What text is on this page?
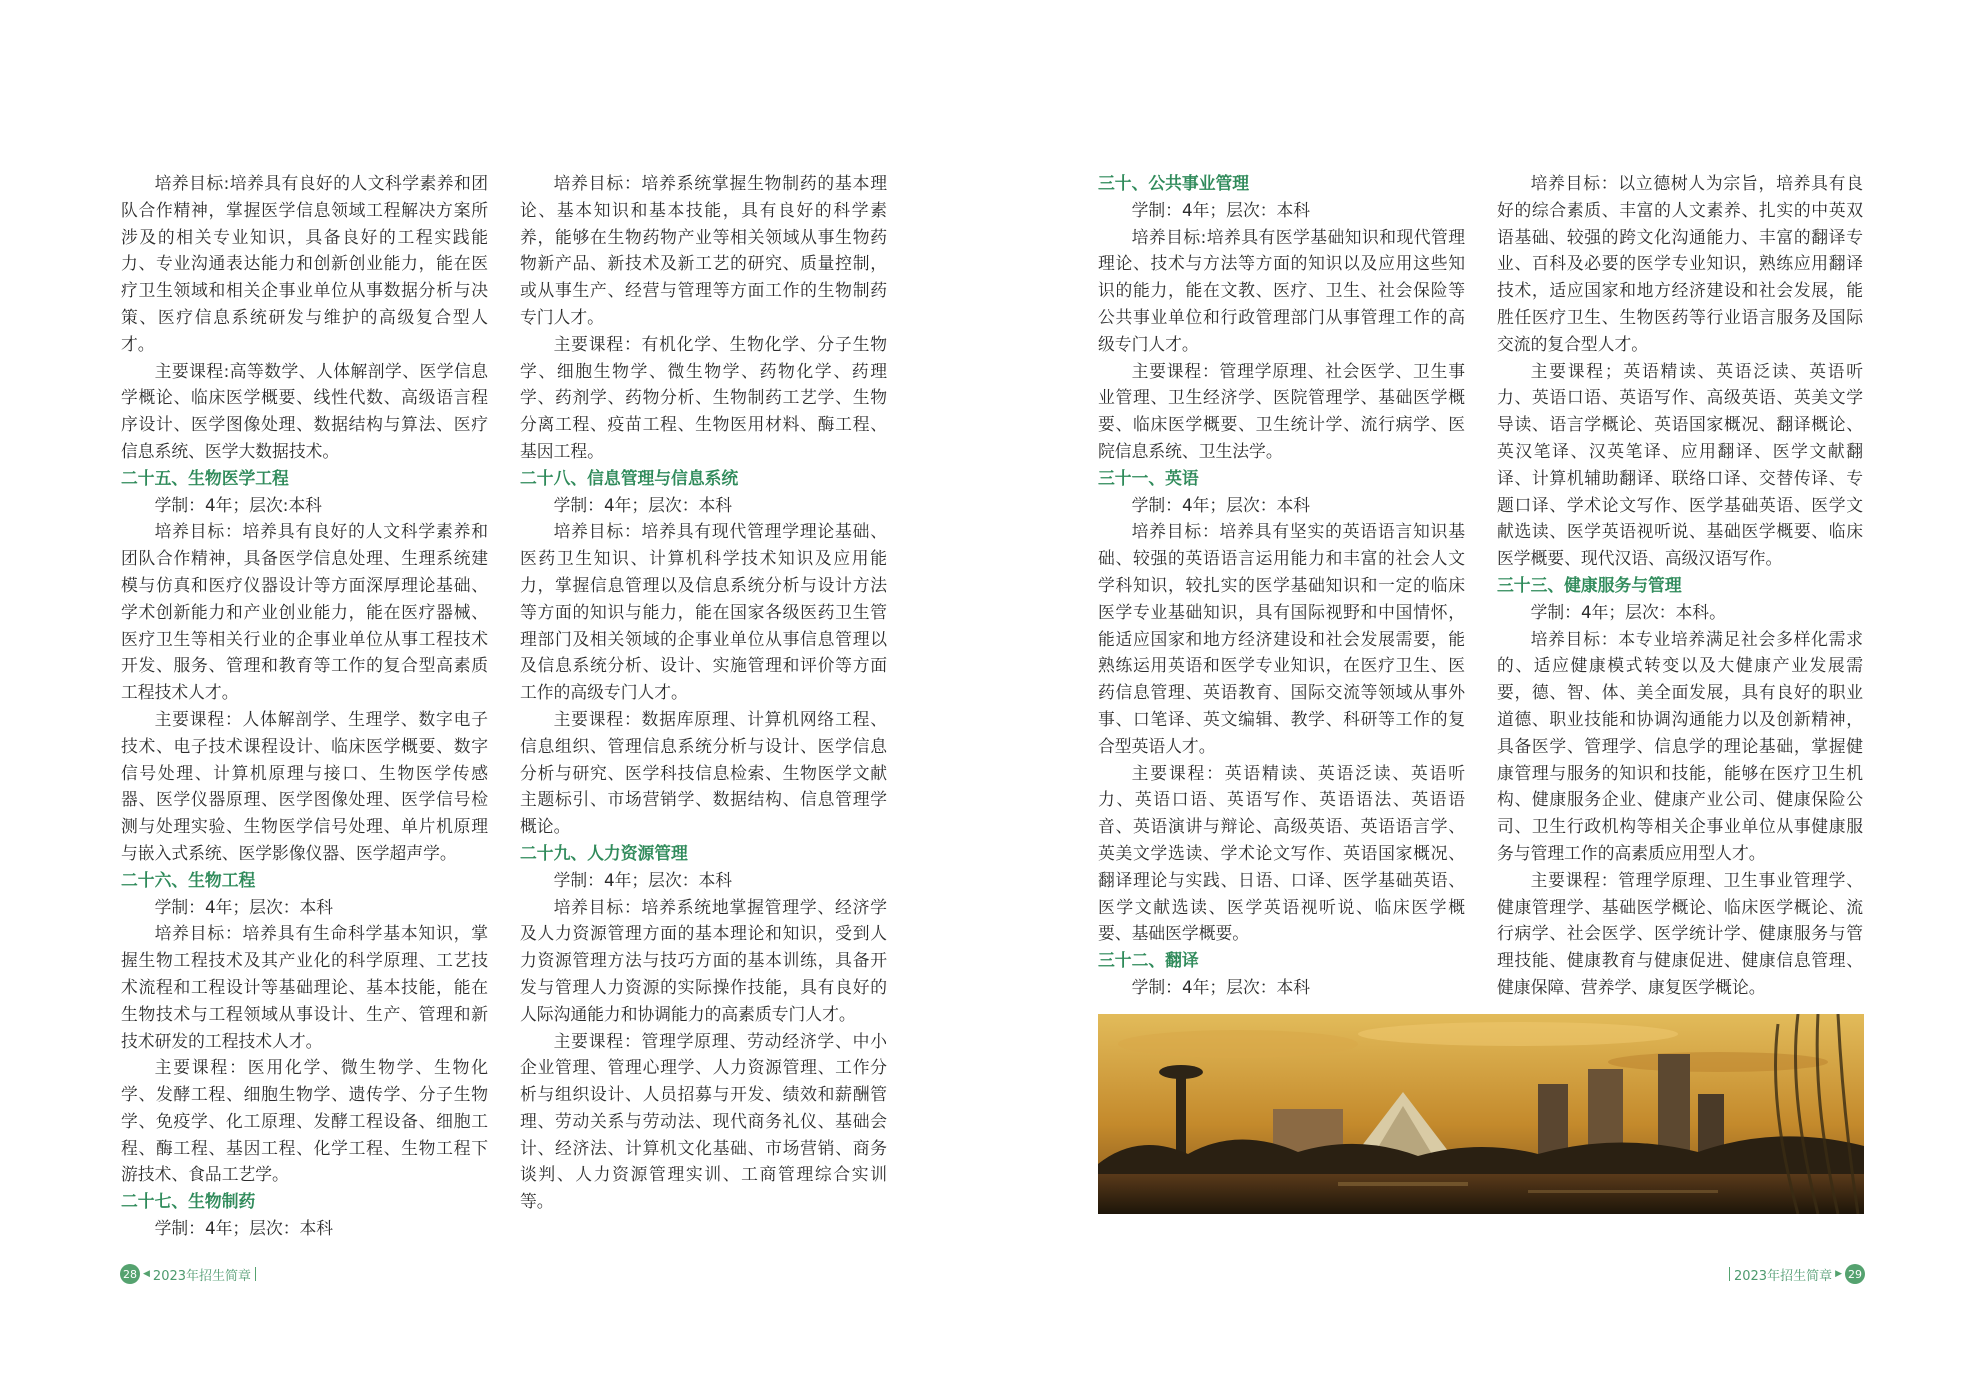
培养目标:培养具有良好的人文科学素养和团队合作精神，掌握医学信息领域工程解决方案所涉及的相关专业知识，具备良好的工程实践能力、专业沟通表达能力和创新创业能力，能在医疗卫生领域和相关企事业单位从事数据分析与决策、医疗信息系统研发与维护的高级复合型人才。

主要课程:高等数学、人体解剖学、医学信息学概论、临床医学概要、线性代数、高级语言程序设计、医学图像处理、数据结构与算法、医疗信息系统、医学大数据技术。

二十五、生物医学工程

学制：4年；层次:本科

培养目标：培养具有良好的人文科学素养和团队合作精神，具备医学信息处理、生理系统建模与仿真和医疗仪器设计等方面深厚理论基础、学术创新能力和产业创业能力，能在医疗器械、医疗卫生等相关行业的企事业单位从事工程技术开发、服务、管理和教育等工作的复合型高素质工程技术人才。

主要课程：人体解剖学、生理学、数字电子技术、电子技术课程设计、临床医学概要、数字信号处理、计算机原理与接口、生物医学传感器、医学仪器原理、医学图像处理、医学信号检测与处理实验、生物医学信号处理、单片机原理与嵌入式系统、医学影像仪器、医学超声学。

二十六、生物工程

学制：4年；层次：本科

培养目标：培养具有生命科学基本知识，掌握生物工程技术及其产业化的科学原理、工艺技术流程和工程设计等基础理论、基本技能，能在生物技术与工程领域从事设计、生产、管理和新技术研发的工程技术人才。

主要课程：医用化学、微生物学、生物化学、发酵工程、细胞生物学、遗传学、分子生物学、免疫学、化工原理、发酵工程设备、细胞工程、酶工程、基因工程、化学工程、生物工程下游技术、食品工艺学。

二十七、生物制药

学制：4年；层次：本科

培养目标：培养系统掌握生物制药的基本理论、基本知识和基本技能，具有良好的科学素养，能够在生物药物产业等相关领域从事生物药物新产品、新技术及新工艺的研究、质量控制，或从事生产、经营与管理等方面工作的生物制药专门人才。

主要课程：有机化学、生物化学、分子生物学、细胞生物学、微生物学、药物化学、药理学、药剂学、药物分析、生物制药工艺学、生物分离工程、疫苗工程、生物医用材料、酶工程、基因工程。

二十八、信息管理与信息系统

学制：4年；层次：本科

培养目标：培养具有现代管理学理论基础、医药卫生知识、计算机科学技术知识及应用能力，掌握信息管理以及信息系统分析与设计方法等方面的知识与能力，能在国家各级医药卫生管理部门及相关领域的企事业单位从事信息管理以及信息系统分析、设计、实施管理和评价等方面工作的高级专门人才。

主要课程：数据库原理、计算机网络工程、信息组织、管理信息系统分析与设计、医学信息分析与研究、医学科技信息检索、生物医学文献主题标引、市场营销学、数据结构、信息管理学概论。

二十九、人力资源管理

学制：4年；层次：本科

培养目标：培养系统地掌握管理学、经济学及人力资源管理方面的基本理论和知识，受到人力资源管理方法与技巧方面的基本训练，具备开发与管理人力资源的实际操作技能，具有良好的人际沟通能力和协调能力的高素质专门人才。

主要课程：管理学原理、劳动经济学、中小企业管理、管理心理学、人力资源管理、工作分析与组织设计、人员招募与开发、绩效和薪酬管理、劳动关系与劳动法、现代商务礼仪、基础会计、经济法、计算机文化基础、市场营销、商务谈判、人力资源管理实训、工商管理综合实训等。

三十、公共事业管理

学制：4年；层次：本科

培养目标:培养具有医学基础知识和现代管理理论、技术与方法等方面的知识以及应用这些知识的能力，能在文教、医疗、卫生、社会保险等公共事业单位和行政管理部门从事管理工作的高级专门人才。

主要课程：管理学原理、社会医学、卫生事业管理、卫生经济学、医院管理学、基础医学概要、临床医学概要、卫生统计学、流行病学、医院信息系统、卫生法学。

三十一、英语

学制：4年；层次：本科

培养目标：培养具有坚实的英语语言知识基础、较强的英语语言运用能力和丰富的社会人文学科知识，较扎实的医学基础知识和一定的临床医学专业基础知识，具有国际视野和中国情怀，能适应国家和地方经济建设和社会发展需要，能熟练运用英语和医学专业知识，在医疗卫生、医药信息管理、英语教育、国际交流等领域从事外事、口笔译、英文编辑、教学、科研等工作的复合型英语人才。

主要课程：英语精读、英语泛读、英语听力、英语口语、英语写作、英语语法、英语语音、英语演讲与辩论、高级英语、英语语言学、英美文学选读、学术论文写作、英语国家概况、翻译理论与实践、日语、口译、医学基础英语、医学文献选读、医学英语视听说、临床医学概要、基础医学概要。

三十二、翻译

学制：4年；层次：本科

培养目标：以立德树人为宗旨，培养具有良好的综合素质、丰富的人文素养、扎实的中英双语基础、较强的跨文化沟通能力、丰富的翻译专业、百科及必要的医学专业知识，熟练应用翻译技术，适应国家和地方经济建设和社会发展，能胜任医疗卫生、生物医药等行业语言服务及国际交流的复合型人才。

主要课程；英语精读、英语泛读、英语听力、英语口语、英语写作、高级英语、英美文学导读、语言学概论、英语国家概况、翻译概论、英汉笔译、汉英笔译、应用翻译、医学文献翻译、计算机辅助翻译、联络口译、交替传译、专题口译、学术论文写作、医学基础英语、医学文献选读、医学英语视听说、基础医学概要、临床医学概要、现代汉语、高级汉语写作。

三十三、健康服务与管理

学制：4年；层次：本科。

培养目标：本专业培养满足社会多样化需求的、适应健康模式转变以及大健康产业发展需要，德、智、体、美全面发展，具有良好的职业道德、职业技能和协调沟通能力以及创新精神，具备医学、管理学、信息学的理论基础，掌握健康管理与服务的知识和技能，能够在医疗卫生机构、健康服务企业、健康产业公司、健康保险公司、卫生行政机构等相关企事业单位从事健康服务与管理工作的高素质应用型人才。

主要课程：管理学原理、卫生事业管理学、健康管理学、基础医学概论、临床医学概论、流行病学、社会医学、医学统计学、健康服务与管理技能、健康教育与健康促进、健康信息管理、健康保障、营养学、康复医学概论。

28 ◀ 2023年招生简章	2023年招生简章 ▶ 29
